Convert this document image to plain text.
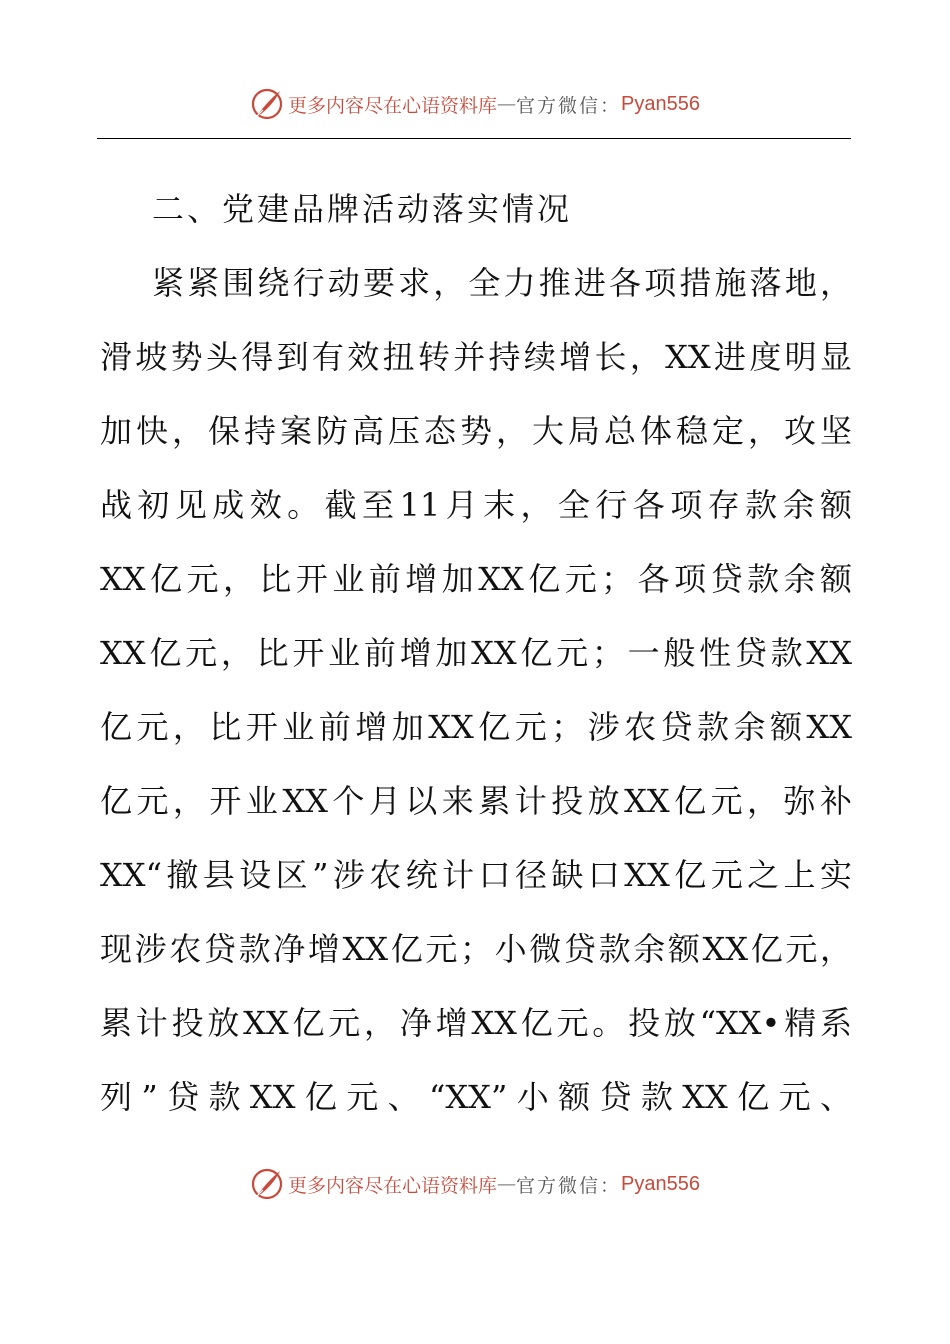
更多内容尽在心语资料库 — 官方微信： Pyan556
二、党建品牌活动落实情况

紧紧围绕行动要求，全力推进各项措施落地，

滑坡势头得到有效扭转并持续增长，XX进度明显

加快，保持案防高压态势，大局总体稳定，攻坚

战初见成效。截至11月末，全行各项存款余额

XX亿元，比开业前增加XX亿元；各项贷款余额

XX亿元，比开业前增加XX亿元；一般性贷款XX

亿元，比开业前增加XX亿元；涉农贷款余额XX

亿元，开业XX个月以来累计投放XX亿元，弥补

XX“撤县设区”涉农统计口径缺口XX亿元之上实

现涉农贷款净增XX亿元；小微贷款余额XX亿元，

累计投放XX亿元，净增XX亿元。投放“XX•精系

列”贷款XX亿元、“XX”小额贷款XX亿元、

更多内容尽在心语资料库 — 官方微信： Pyan556
